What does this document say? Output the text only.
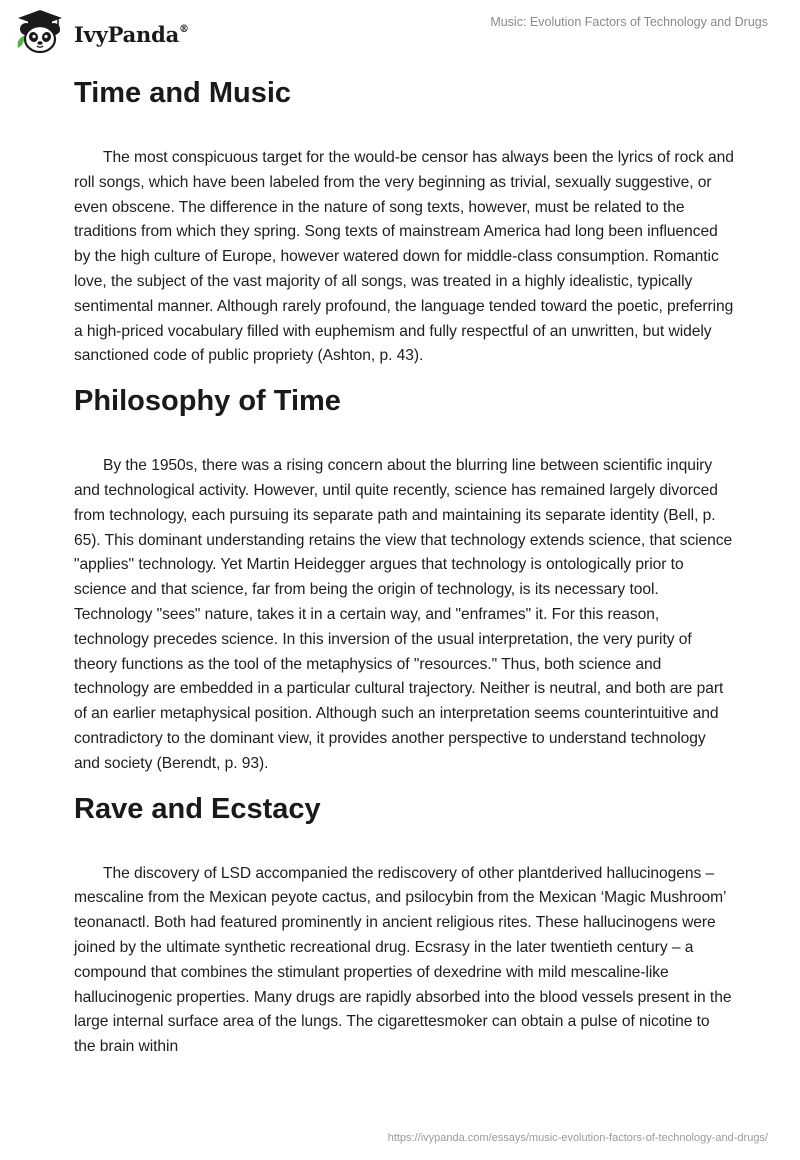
IvyPanda®	Music: Evolution Factors of Technology and Drugs
Time and Music

The most conspicuous target for the would-be censor has always been the lyrics of rock and roll songs, which have been labeled from the very beginning as trivial, sexually suggestive, or even obscene. The difference in the nature of song texts, however, must be related to the traditions from which they spring. Song texts of mainstream America had long been influenced by the high culture of Europe, however watered down for middle-class consumption. Romantic love, the subject of the vast majority of all songs, was treated in a highly idealistic, typically sentimental manner. Although rarely profound, the language tended toward the poetic, preferring a high-priced vocabulary filled with euphemism and fully respectful of an unwritten, but widely sanctioned code of public propriety (Ashton, p. 43).

Philosophy of Time

By the 1950s, there was a rising concern about the blurring line between scientific inquiry and technological activity. However, until quite recently, science has remained largely divorced from technology, each pursuing its separate path and maintaining its separate identity (Bell, p. 65). This dominant understanding retains the view that technology extends science, that science "applies" technology. Yet Martin Heidegger argues that technology is ontologically prior to science and that science, far from being the origin of technology, is its necessary tool. Technology "sees" nature, takes it in a certain way, and "enframes" it. For this reason, technology precedes science. In this inversion of the usual interpretation, the very purity of theory functions as the tool of the metaphysics of "resources." Thus, both science and technology are embedded in a particular cultural trajectory. Neither is neutral, and both are part of an earlier metaphysical position. Although such an interpretation seems counterintuitive and contradictory to the dominant view, it provides another perspective to understand technology and society (Berendt, p. 93).

Rave and Ecstacy

The discovery of LSD accompanied the rediscovery of other plantderived hallucinogens – mescaline from the Mexican peyote cactus, and psilocybin from the Mexican ‘Magic Mushroom’ teonanactl. Both had featured prominently in ancient religious rites. These hallucinogens were joined by the ultimate synthetic recreational drug. Ecsrasy in the later twentieth century – a compound that combines the stimulant properties of dexedrine with mild mescaline-like hallucinogenic properties. Many drugs are rapidly absorbed into the blood vessels present in the large internal surface area of the lungs. The cigarettesmoker can obtain a pulse of nicotine to the brain within

https://ivypanda.com/essays/music-evolution-factors-of-technology-and-drugs/
